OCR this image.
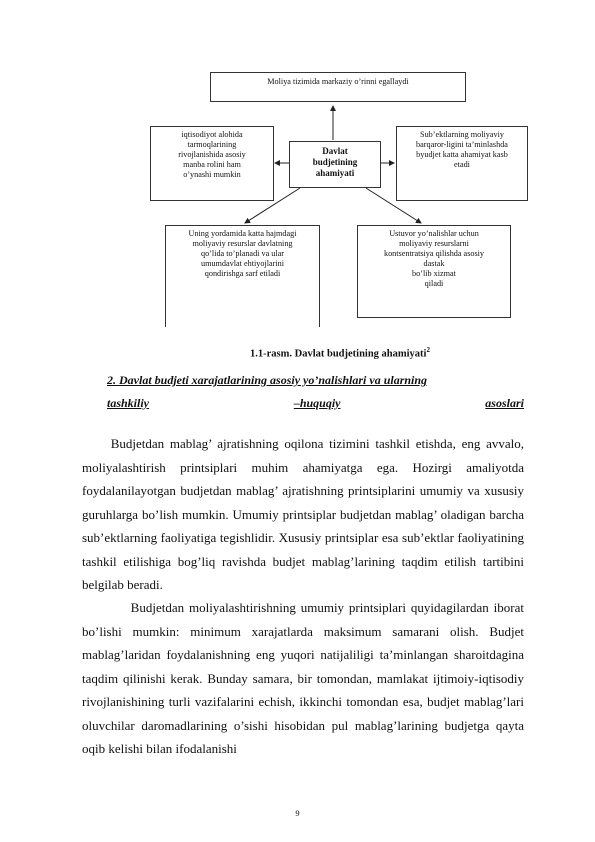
Moliya tizimida markaziy o’rinni egallaydi
Davlat
budjetining
ahamiyati
iqtisodiyot alohida
tarmoqlarining
rivojlanishida asosiy
manba rolini ham
o’ynashi mumkin
Sub’ektlarning moliyaviy
barqaror-ligini ta’minlashda
byudjet katta ahamiyat kasb
etadi
Uning yordamida katta hajmdagi
moliyaviy resurslar davlatning
qo’lida to’planadi va ular
umumdavlat ehtiyojlarini
qondirishga sarf etiladi
Ustuvor yo’nalishlar uchun
moliyaviy resurslarni
kontsentratsiya qilishda asosiy
dastak
bo’lib xizmat
qiladi
1.1-rasm. Davlat budjetining ahamiyati$^2$
2. Davlat budjeti xarajatlarining asosiy yo’nalishlari va ularning
tashkiliy	–huquqiy	asoslari

Budjetdan mablag’ ajratishning oqilona tizimini tashkil etishda, eng avvalo, moliyalashtirish printsiplari muhim ahamiyatga ega. Hozirgi amaliyotda foydalanilayotgan budjetdan mablag’ ajratishning printsiplarini umumiy va xususiy guruhlarga bo’lish mumkin. Umumiy printsiplar budjetdan mablag’ oladigan barcha sub’ektlarning faoliyatiga tegishlidir. Xususiy printsiplar esa sub’ektlar faoliyatining tashkil etilishiga bog’liq ravishda budjet mablag’larining taqdim etilish tartibini belgilab beradi.

Budjetdan moliyalashtirishning umumiy printsiplari quyidagilardan iborat bo’lishi mumkin: minimum xarajatlarda maksimum samarani olish. Budjet mablag’laridan foydalanishning eng yuqori natijaliligi ta’minlangan sharoitdagina taqdim qilinishi kerak. Bunday samara, bir tomondan, mamlakat ijtimoiy-iqtisodiy rivojlanishining turli vazifalarini echish, ikkinchi tomondan esa, budjet mablag’lari oluvchilar daromadlarining o’sishi hisobidan pul mablag’larining budjetga qayta oqib kelishi bilan ifodalanishi

9
